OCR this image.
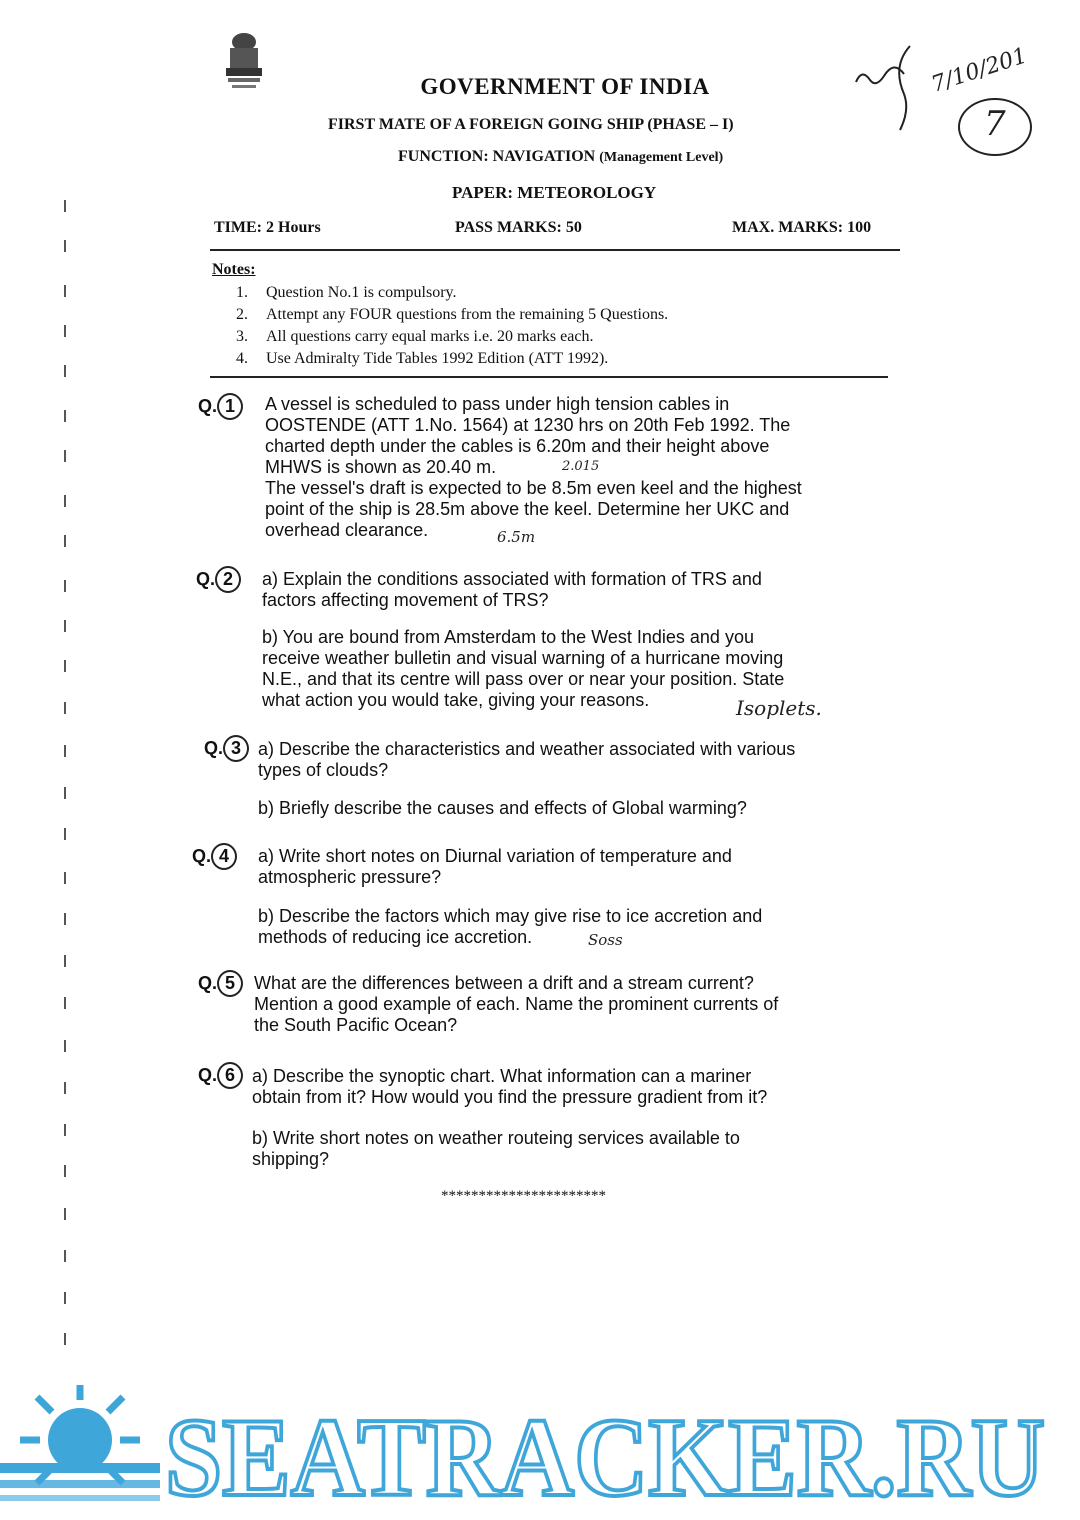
GOVERNMENT OF INDIA
FIRST MATE OF A FOREIGN GOING SHIP (PHASE – I)
FUNCTION: NAVIGATION (Management Level)
PAPER: METEOROLOGY
TIME: 2 Hours	PASS MARKS: 50	MAX. MARKS: 100
Notes:
1. Question No.1 is compulsory.
2. Attempt any FOUR questions from the remaining 5 Questions.
3. All questions carry equal marks i.e. 20 marks each.
4. Use Admiralty Tide Tables 1992 Edition (ATT 1992).
Q. 1	A vessel is scheduled to pass under high tension cables in
OOSTENDE (ATT 1.No. 1564) at 1230 hrs on 20th Feb 1992. The
charted depth under the cables is 6.20m and their height above
MHWS is shown as 20.40 m.
The vessel's draft is expected to be 8.5m even keel and the highest
point of the ship is 28.5m above the keel. Determine her UKC and
overhead clearance.
Q. 2	a) Explain the conditions associated with formation of TRS and
factors affecting movement of TRS?
b) You are bound from Amsterdam to the West Indies and you
receive weather bulletin and visual warning of a hurricane moving
N.E., and that its centre will pass over or near your position. State
what action you would take, giving your reasons.
Q. 3 a) Describe the characteristics and weather associated with various
types of clouds?
b) Briefly describe the causes and effects of Global warming?
Q. 4	a) Write short notes on Diurnal variation of temperature and
atmospheric pressure?
b) Describe the factors which may give rise to ice accretion and
methods of reducing ice accretion.
Q. 5	What are the differences between a drift and a stream current?
Mention a good example of each. Name the prominent currents of
the South Pacific Ocean?
Q. 6 a) Describe the synoptic chart. What information can a mariner
obtain from it? How would you find the pressure gradient from it?
b) Write short notes on weather routeing services available to
shipping?
**********************
7/10/201
7
2.015
6.5m
Isoplets.
Soss
SEATRACKER.RU
